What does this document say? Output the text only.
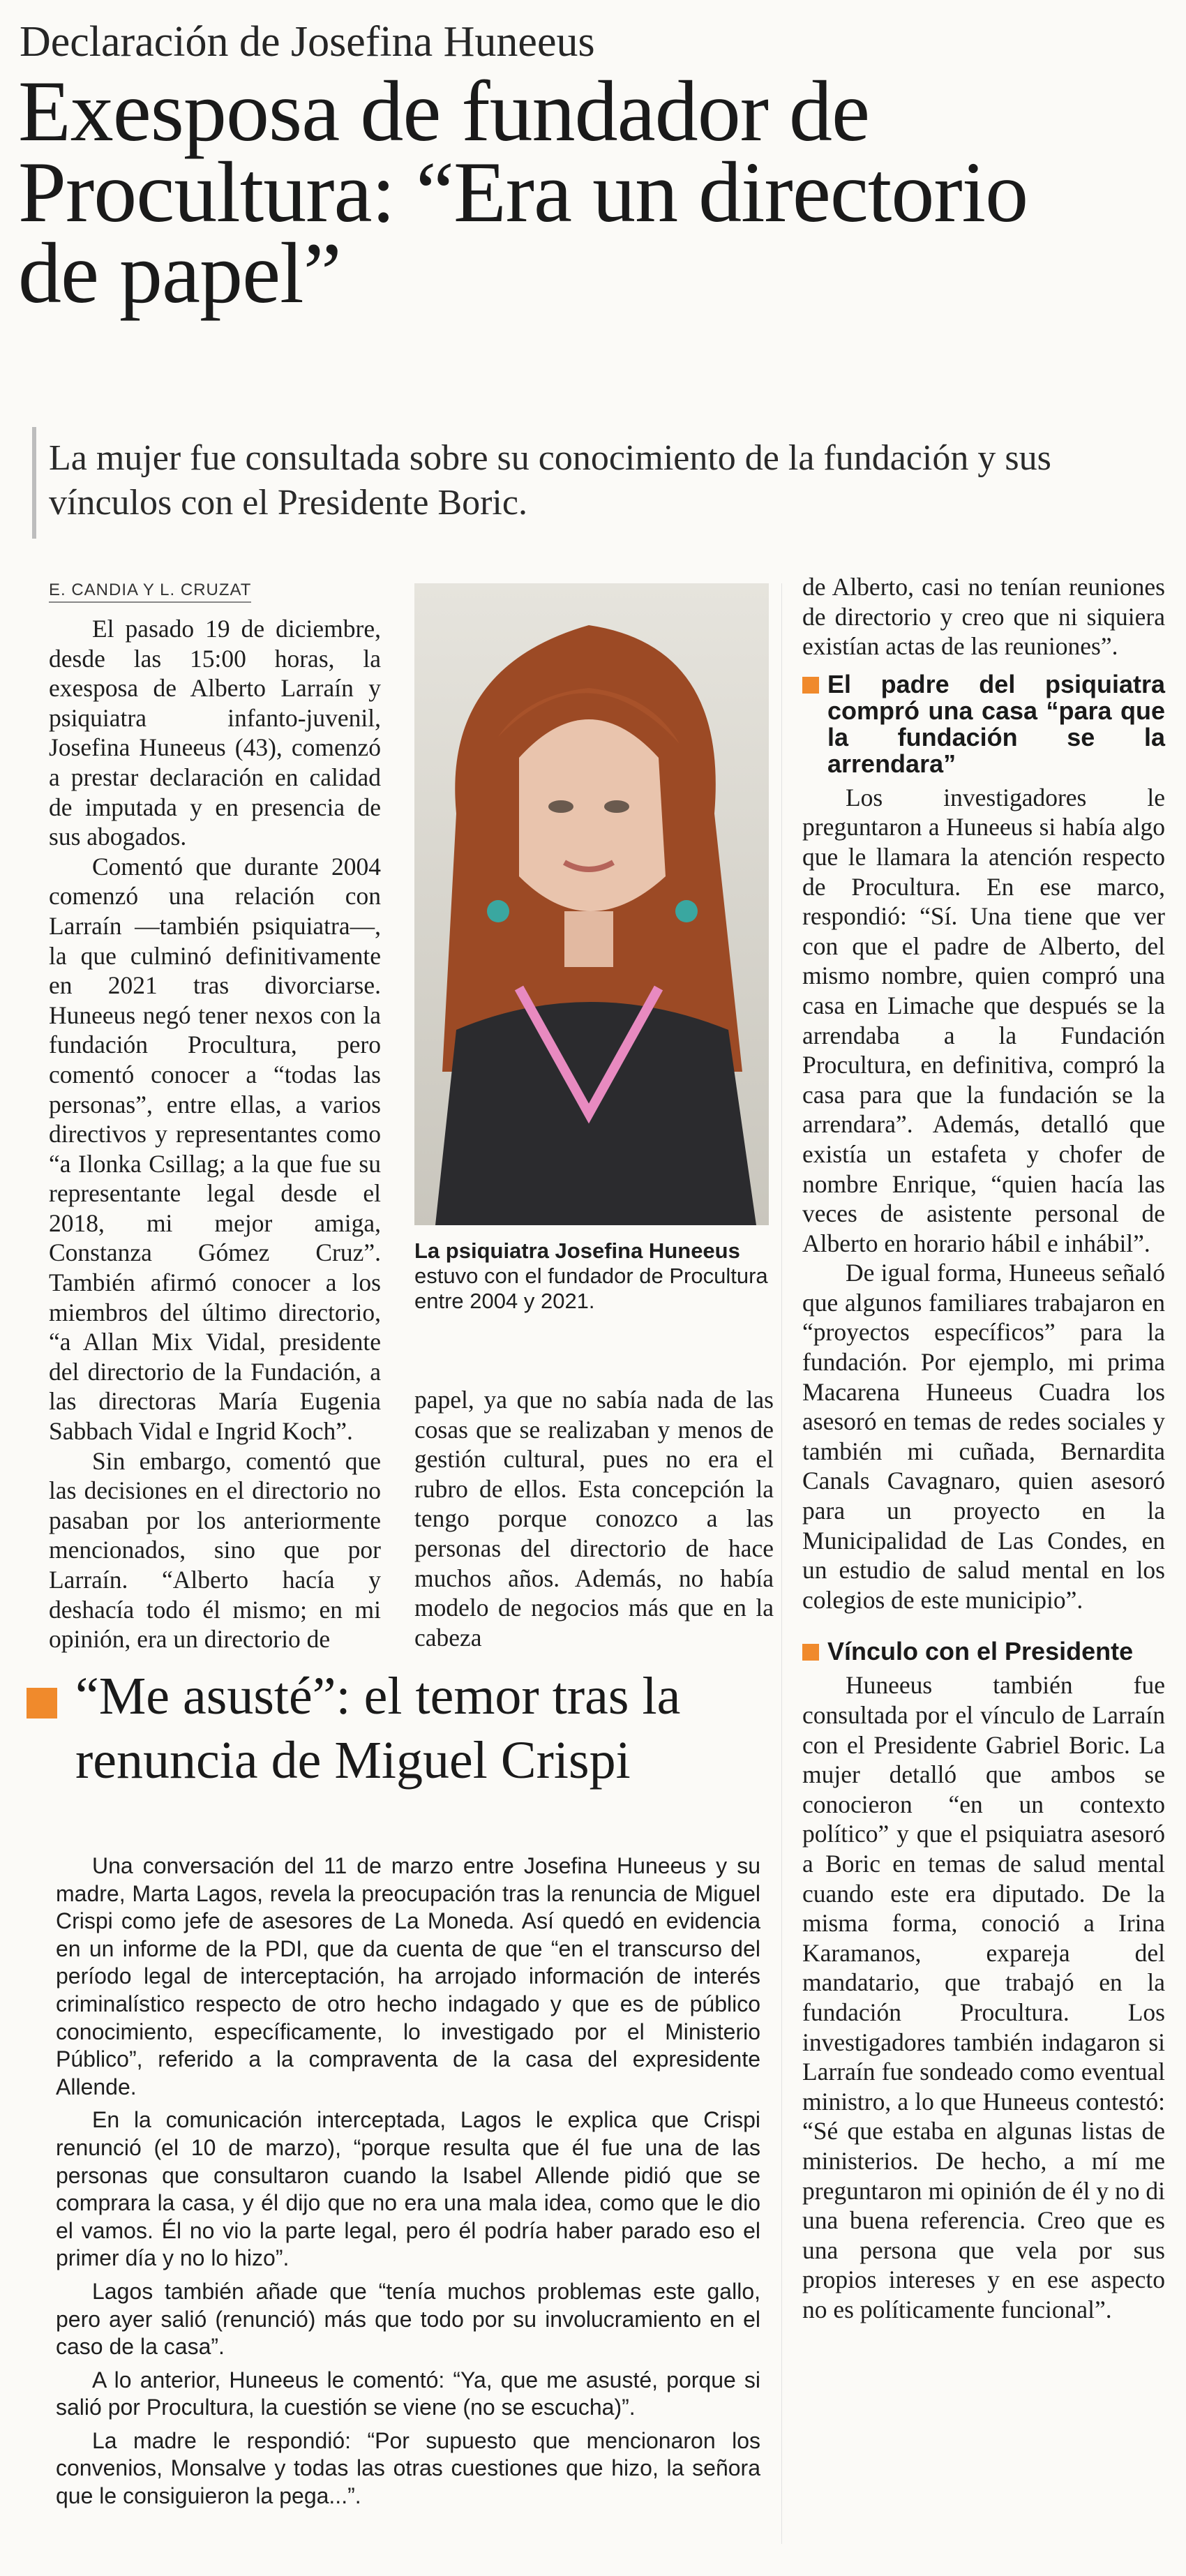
Declaración de Josefina Huneeus
Exesposa de fundador de Procultura: “Era un directorio de papel”
La mujer fue consultada sobre su conocimiento de la fundación y sus vínculos con el Presidente Boric.
E. CANDIA Y L. CRUZAT

El pasado 19 de diciembre, desde las 15:00 horas, la exesposa de Alberto Larraín y psiquiatra infanto-juvenil, Josefina Huneeus (43), comenzó a prestar declaración en calidad de imputada y en presencia de sus abogados.

Comentó que durante 2004 comenzó una relación con Larraín —también psiquiatra—, la que culminó definitivamente en 2021 tras divorciarse. Huneeus negó tener nexos con la fundación Procultura, pero comentó conocer a “todas las personas”, entre ellas, a varios directivos y representantes como “a Ilonka Csillag; a la que fue su representante legal desde el 2018, mi mejor amiga, Constanza Gómez Cruz”. También afirmó conocer a los miembros del último directorio, “a Allan Mix Vidal, presidente del directorio de la Fundación, a las directoras María Eugenia Sabbach Vidal e Ingrid Koch”.

Sin embargo, comentó que las decisiones en el directorio no pasaban por los anteriormente mencionados, sino que por Larraín. “Alberto hacía y deshacía todo él mismo; en mi opinión, era un directorio de

La psiquiatra Josefina Huneeus
estuvo con el fundador de Procultura entre 2004 y 2021.

papel, ya que no sabía nada de las cosas que se realizaban y menos de gestión cultural, pues no era el rubro de ellos. Esta concepción la tengo porque conozco a las personas del directorio de hace muchos años. Además, no había modelo de negocios más que en la cabeza

de Alberto, casi no tenían reuniones de directorio y creo que ni siquiera existían actas de las reuniones”.

El padre del psiquiatra compró una casa “para que la fundación se la arrendara”

Los investigadores le preguntaron a Huneeus si había algo que le llamara la atención respecto de Procultura. En ese marco, respondió: “Sí. Una tiene que ver con que el padre de Alberto, del mismo nombre, quien compró una casa en Limache que después se la arrendaba a la Fundación Procultura, en definitiva, compró la casa para que la fundación se la arrendara”. Además, detalló que existía un estafeta y chofer de nombre Enrique, “quien hacía las veces de asistente personal de Alberto en horario hábil e inhábil”.

De igual forma, Huneeus señaló que algunos familiares trabajaron en “proyectos específicos” para la fundación. Por ejemplo, mi prima Macarena Huneeus Cuadra los asesoró en temas de redes sociales y también mi cuñada, Bernardita Canals Cavagnaro, quien asesoró para un proyecto en la Municipalidad de Las Condes, en un estudio de salud mental en los colegios de este municipio”.

Vínculo con el Presidente

Huneeus también fue consultada por el vínculo de Larraín con el Presidente Gabriel Boric. La mujer detalló que ambos se conocieron “en un contexto político” y que el psiquiatra asesoró a Boric en temas de salud mental cuando este era diputado. De la misma forma, conoció a Irina Karamanos, expareja del mandatario, que trabajó en la fundación Procultura. Los investigadores también indagaron si Larraín fue sondeado como eventual ministro, a lo que Huneeus contestó: “Sé que estaba en algunas listas de ministerios. De hecho, a mí me preguntaron mi opinión de él y no di una buena referencia. Creo que es una persona que vela por sus propios intereses y en ese aspecto no es políticamente funcional”.

“Me asusté”: el temor tras la renuncia de Miguel Crispi

Una conversación del 11 de marzo entre Josefina Huneeus y su madre, Marta Lagos, revela la preocupación tras la renuncia de Miguel Crispi como jefe de asesores de La Moneda. Así quedó en evidencia en un informe de la PDI, que da cuenta de que “en el transcurso del período legal de interceptación, ha arrojado información de interés criminalístico respecto de otro hecho indagado y que es de público conocimiento, específicamente, lo investigado por el Ministerio Público”, referido a la compraventa de la casa del expresidente Allende.

En la comunicación interceptada, Lagos le explica que Crispi renunció (el 10 de marzo), “porque resulta que él fue una de las personas que consultaron cuando la Isabel Allende pidió que se comprara la casa, y él dijo que no era una mala idea, como que le dio el vamos. Él no vio la parte legal, pero él podría haber parado eso el primer día y no lo hizo”.

Lagos también añade que “tenía muchos problemas este gallo, pero ayer salió (renunció) más que todo por su involucramiento en el caso de la casa”.

A lo anterior, Huneeus le comentó: “Ya, que me asusté, porque si salió por Procultura, la cuestión se viene (no se escucha)”.

La madre le respondió: “Por supuesto que mencionaron los convenios, Monsalve y todas las otras cuestiones que hizo, la señora que le consiguieron la pega...”.
